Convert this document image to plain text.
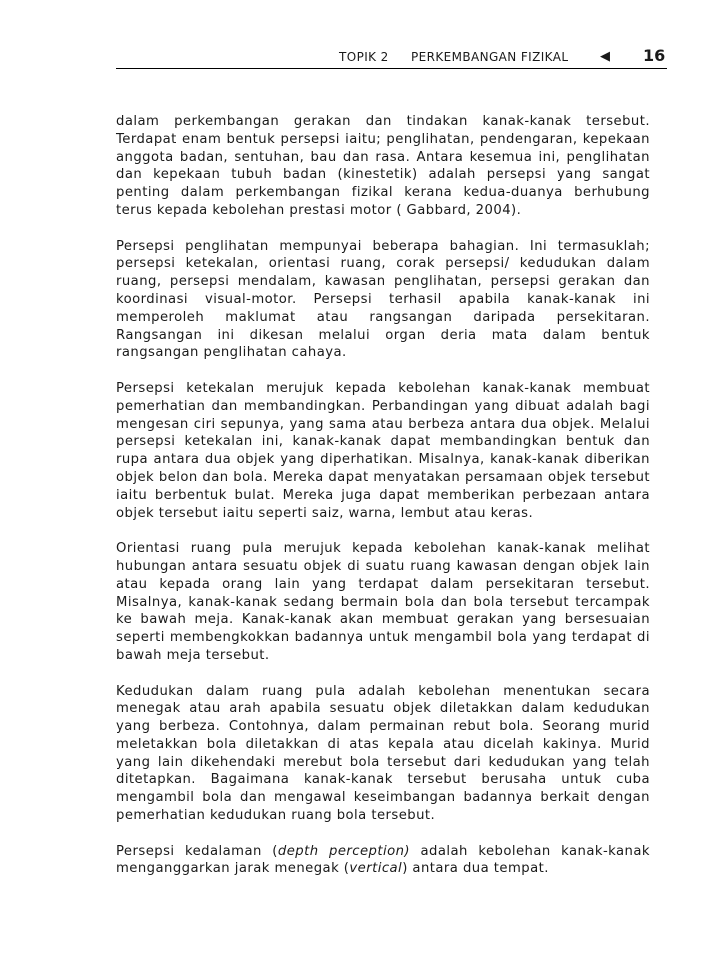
TOPIK 2 PERKEMBANGAN FIZIKAL ◀ 16

dalam perkembangan gerakan dan tindakan kanak-kanak tersebut. Terdapat enam bentuk persepsi iaitu; penglihatan, pendengaran, kepekaan anggota badan, sentuhan, bau dan rasa. Antara kesemua ini, penglihatan dan kepekaan tubuh badan (kinestetik) adalah persepsi yang sangat penting dalam perkembangan fizikal kerana kedua-duanya berhubung terus kepada kebolehan prestasi motor ( Gabbard, 2004).

Persepsi penglihatan mempunyai beberapa bahagian. Ini termasuklah; persepsi ketekalan, orientasi ruang, corak persepsi/ kedudukan dalam ruang, persepsi mendalam, kawasan penglihatan, persepsi gerakan dan koordinasi visual-motor. Persepsi terhasil apabila kanak-kanak ini memperoleh maklumat atau rangsangan daripada persekitaran. Rangsangan ini dikesan melalui organ deria mata dalam bentuk rangsangan penglihatan cahaya.

Persepsi ketekalan merujuk kepada kebolehan kanak-kanak membuat pemerhatian dan membandingkan. Perbandingan yang dibuat adalah bagi mengesan ciri sepunya, yang sama atau berbeza antara dua objek. Melalui persepsi ketekalan ini, kanak-kanak dapat membandingkan bentuk dan rupa antara dua objek yang diperhatikan. Misalnya, kanak-kanak diberikan objek belon dan bola. Mereka dapat menyatakan persamaan objek tersebut iaitu berbentuk bulat. Mereka juga dapat memberikan perbezaan antara objek tersebut iaitu seperti saiz, warna, lembut atau keras.

Orientasi ruang pula merujuk kepada kebolehan kanak-kanak melihat hubungan antara sesuatu objek di suatu ruang kawasan dengan objek lain atau kepada orang lain yang terdapat dalam persekitaran tersebut. Misalnya, kanak-kanak sedang bermain bola dan bola tersebut tercampak ke bawah meja. Kanak-kanak akan membuat gerakan yang bersesuaian seperti membengkokkan badannya untuk mengambil bola yang terdapat di bawah meja tersebut.

Kedudukan dalam ruang pula adalah kebolehan menentukan secara menegak atau arah apabila sesuatu objek diletakkan dalam kedudukan yang berbeza. Contohnya, dalam permainan rebut bola. Seorang murid meletakkan bola diletakkan di atas kepala atau dicelah kakinya. Murid yang lain dikehendaki merebut bola tersebut dari kedudukan yang telah ditetapkan. Bagaimana kanak-kanak tersebut berusaha untuk cuba mengambil bola dan mengawal keseimbangan badannya berkait dengan pemerhatian kedudukan ruang bola tersebut.

Persepsi kedalaman (depth perception) adalah kebolehan kanak-kanak menganggarkan jarak menegak (vertical) antara dua tempat.
